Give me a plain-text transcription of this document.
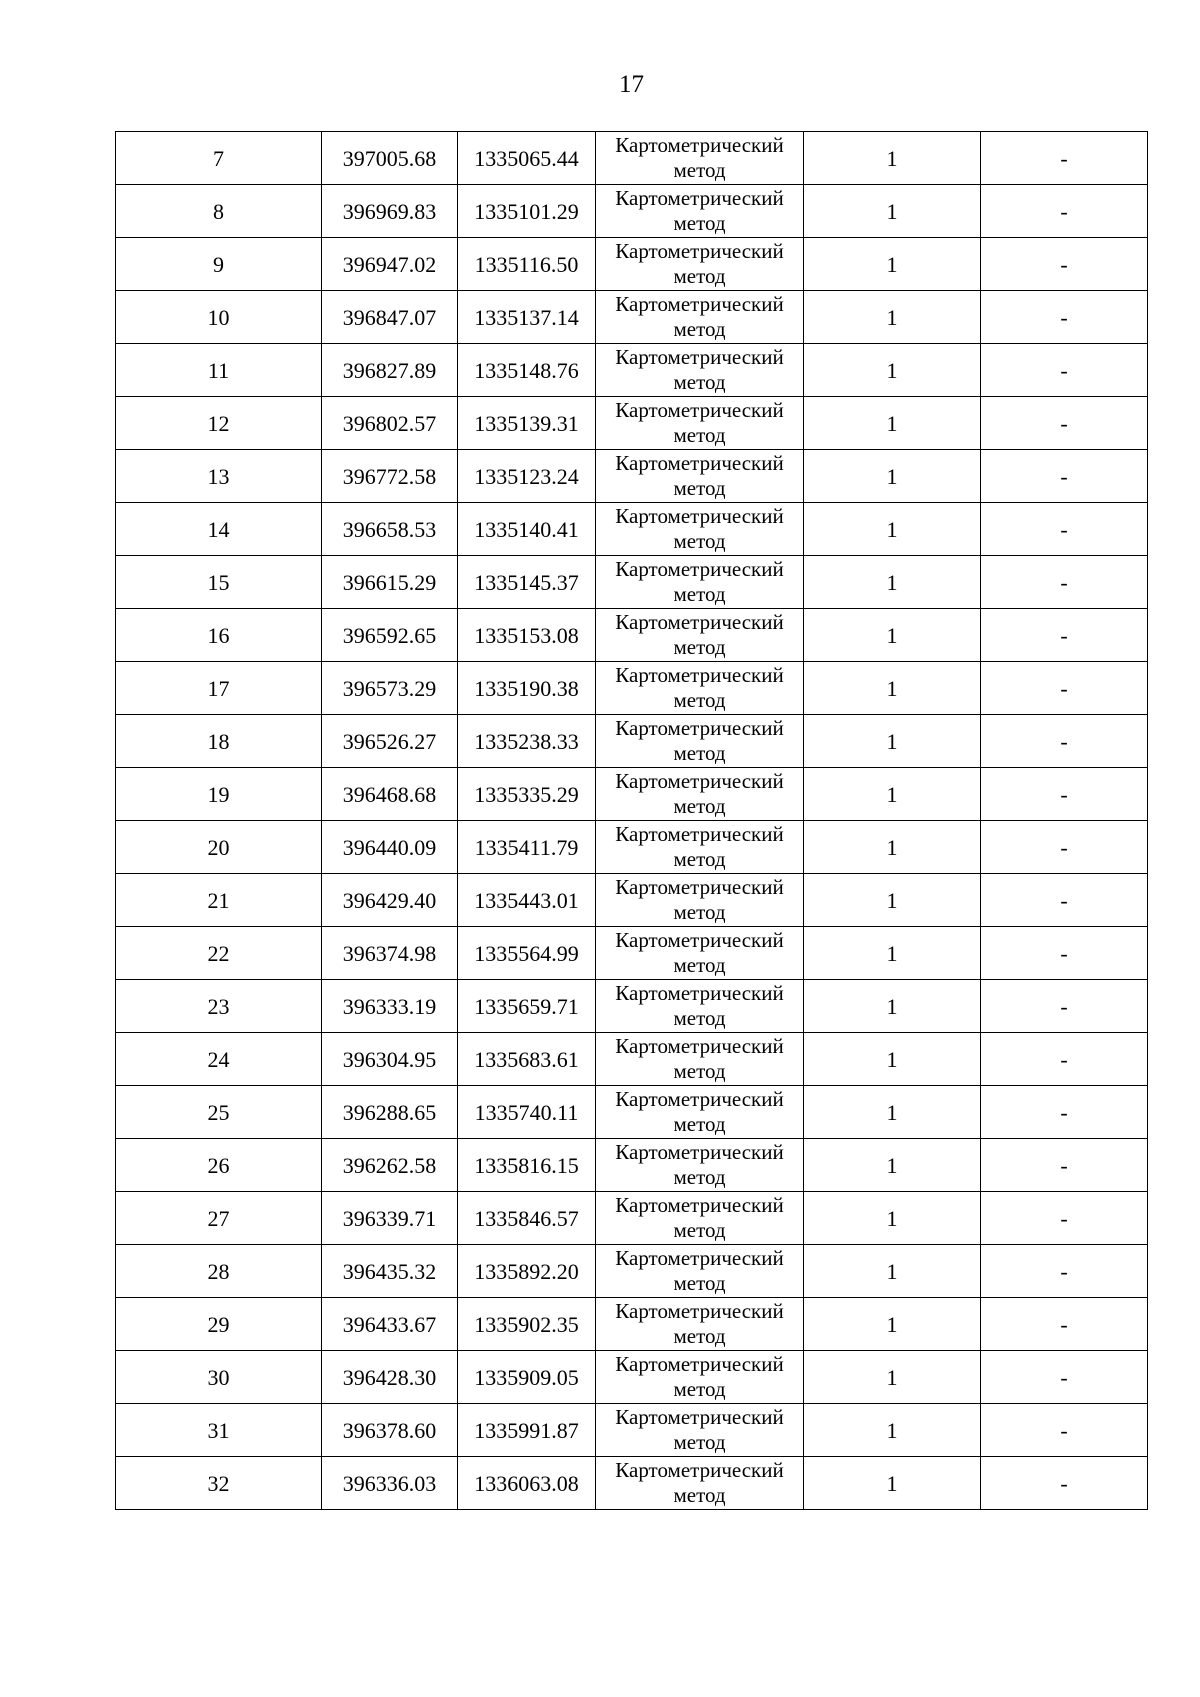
17
7	397005.68	1335065.44	Картометрический
метод	1	-
8	396969.83	1335101.29	Картометрический
метод	1	-
9	396947.02	1335116.50	Картометрический
метод	1	-
10	396847.07	1335137.14	Картометрический
метод	1	-
11	396827.89	1335148.76	Картометрический
метод	1	-
12	396802.57	1335139.31	Картометрический
метод	1	-
13	396772.58	1335123.24	Картометрический
метод	1	-
14	396658.53	1335140.41	Картометрический
метод	1	-
15	396615.29	1335145.37	Картометрический
метод	1	-
16	396592.65	1335153.08	Картометрический
метод	1	-
17	396573.29	1335190.38	Картометрический
метод	1	-
18	396526.27	1335238.33	Картометрический
метод	1	-
19	396468.68	1335335.29	Картометрический
метод	1	-
20	396440.09	1335411.79	Картометрический
метод	1	-
21	396429.40	1335443.01	Картометрический
метод	1	-
22	396374.98	1335564.99	Картометрический
метод	1	-
23	396333.19	1335659.71	Картометрический
метод	1	-
24	396304.95	1335683.61	Картометрический
метод	1	-
25	396288.65	1335740.11	Картометрический
метод	1	-
26	396262.58	1335816.15	Картометрический
метод	1	-
27	396339.71	1335846.57	Картометрический
метод	1	-
28	396435.32	1335892.20	Картометрический
метод	1	-
29	396433.67	1335902.35	Картометрический
метод	1	-
30	396428.30	1335909.05	Картометрический
метод	1	-
31	396378.60	1335991.87	Картометрический
метод	1	-
32	396336.03	1336063.08	Картометрический
метод	1	-
